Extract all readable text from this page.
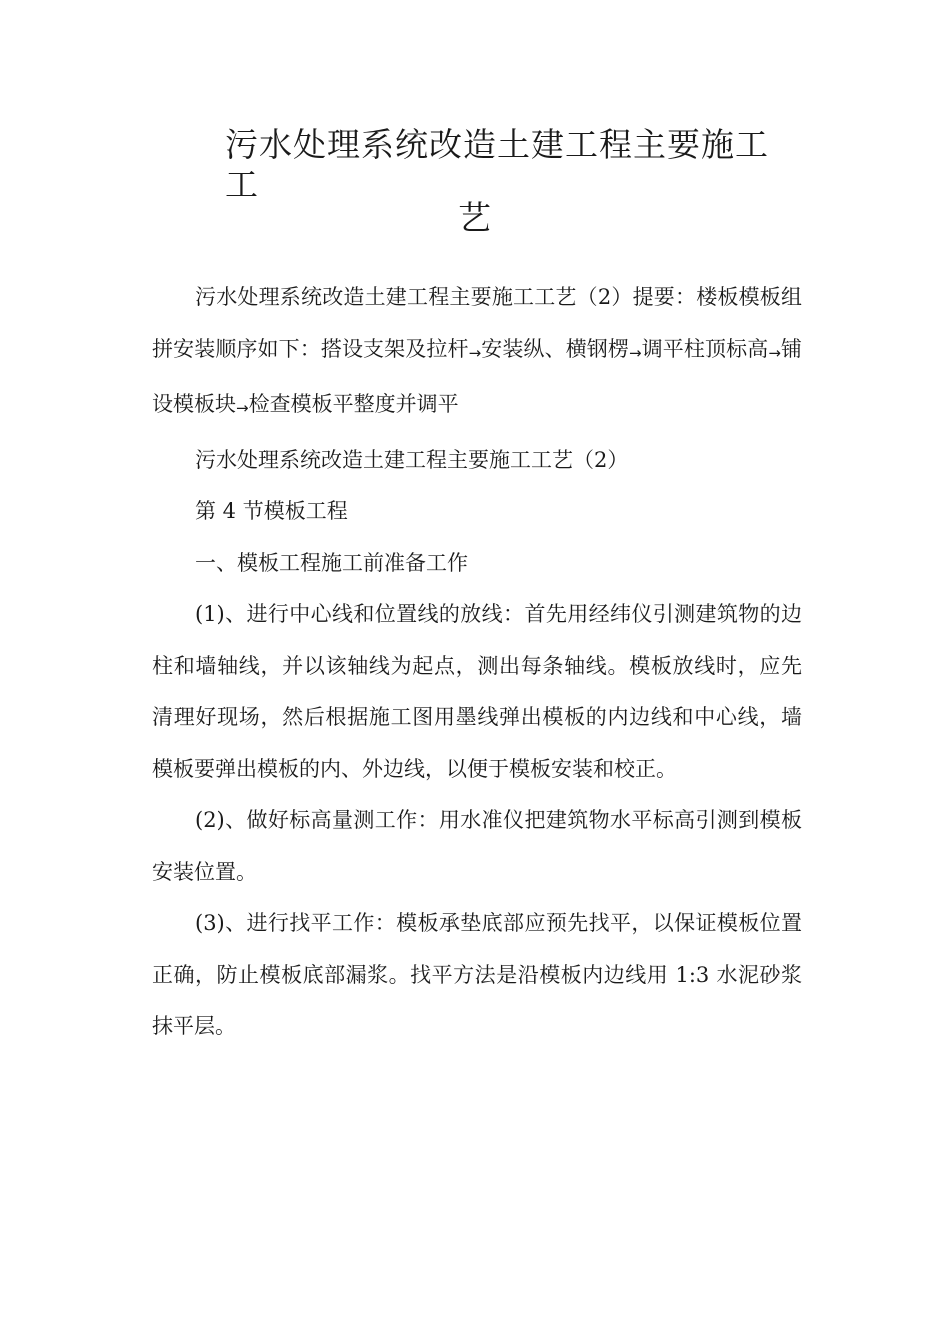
污水处理系统改造土建工程主要施工工
艺

污水处理系统改造土建工程主要施工工艺（2）提要：楼板模板组拼安装顺序如下：搭设支架及拉杆→安装纵、横钢楞→调平柱顶标高→铺设模板块→检查模板平整度并调平

污水处理系统改造土建工程主要施工工艺（2）

第 4 节模板工程

一、模板工程施工前准备工作

(1)、进行中心线和位置线的放线：首先用经纬仪引测建筑物的边柱和墙轴线，并以该轴线为起点，测出每条轴线。模板放线时，应先清理好现场，然后根据施工图用墨线弹出模板的内边线和中心线，墙模板要弹出模板的内、外边线，以便于模板安装和校正。

(2)、做好标高量测工作：用水准仪把建筑物水平标高引测到模板安装位置。

(3)、进行找平工作：模板承垫底部应预先找平，以保证模板位置正确，防止模板底部漏浆。找平方法是沿模板内边线用 1:3 水泥砂浆抹平层。
